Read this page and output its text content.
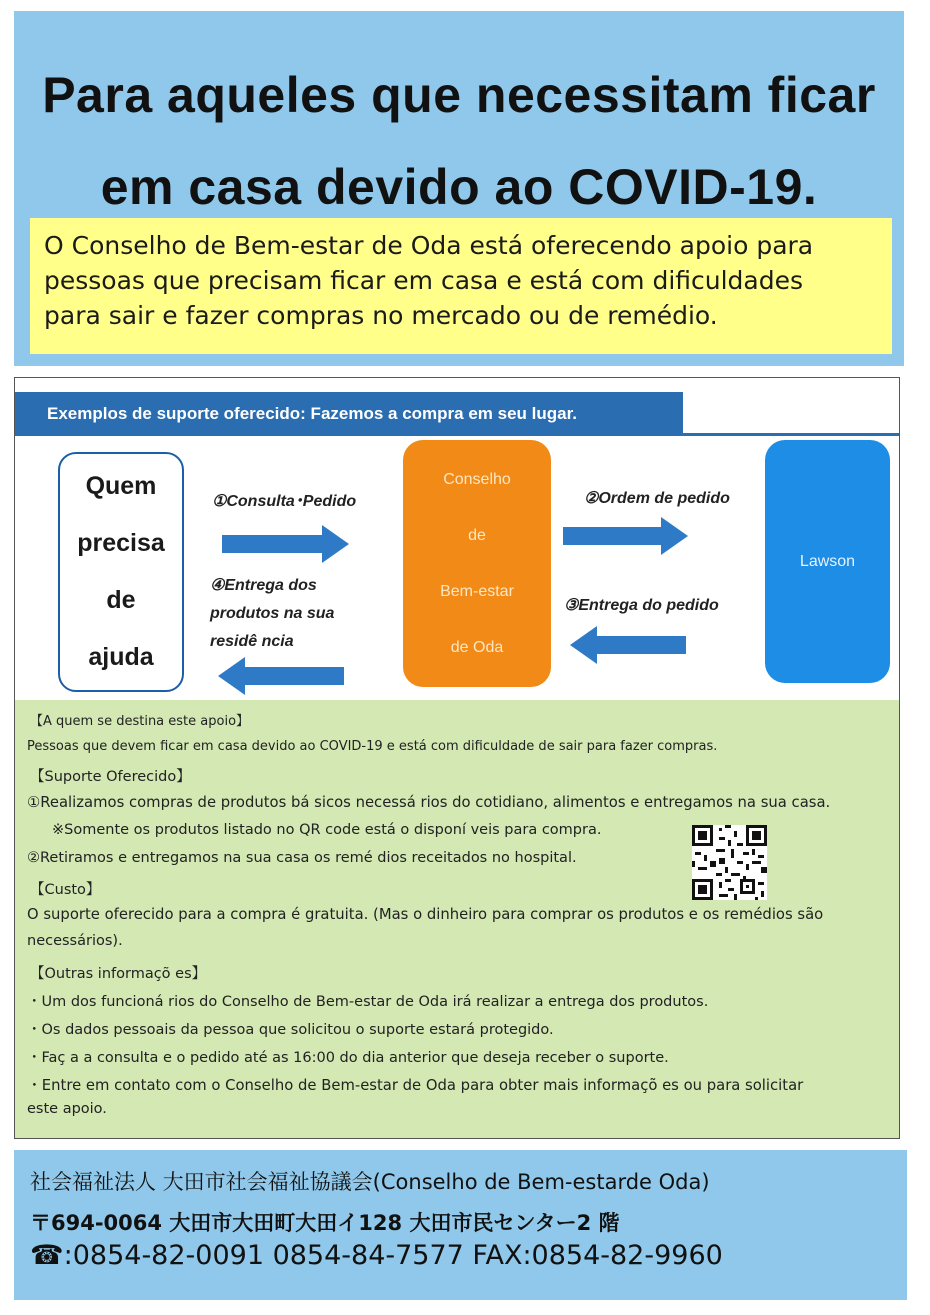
Para aqueles que necessitam ficar
em casa devido ao COVID-19.
O Conselho de Bem-estar de Oda está oferecendo apoio para
pessoas que precisam ficar em casa e está com dificuldades
para sair e fazer compras no mercado ou de remédio.
Exemplos de suporte oferecido: Fazemos a compra em seu lugar.
Quem
precisa
de
ajuda
Conselho
de
Bem-estar
de Oda
Lawson
①Consulta･Pedido	②Ordem de pedido
③Entrega do pedido
④Entrega dos
produtos na sua
residê ncia
【A quem se destina este apoio】
Pessoas que devem ficar em casa devido ao COVID-19 e está com dificuldade de sair para fazer compras.
【Suporte Oferecido】
①Realizamos compras de produtos bá sicos necessá rios do cotidiano, alimentos e entregamos na sua casa.
※Somente os produtos listado no QR code está o disponí veis para compra.
②Retiramos e entregamos na sua casa os remé dios receitados no hospital.
【Custo】
O suporte oferecido para a compra é gratuita. (Mas o dinheiro para comprar os produtos e os remédios são
necessários).
【Outras informaçõ es】
・Um dos funcioná rios do Conselho de Bem-estar de Oda irá realizar a entrega dos produtos.
・Os dados pessoais da pessoa que solicitou o suporte estará protegido.
・Faç a a consulta e o pedido até as 16:00 do dia anterior que deseja receber o suporte.
・Entre em contato com o Conselho de Bem-estar de Oda para obter mais informaçõ es ou para solicitar
este apoio.
社会福祉法人 大田市社会福祉協議会(Conselho de Bem-estarde Oda)
〒694-0064 大田市大田町大田イ128 大田市民センター2 階
☎:0854-82-0091 0854-84-7577 FAX:0854-82-9960
